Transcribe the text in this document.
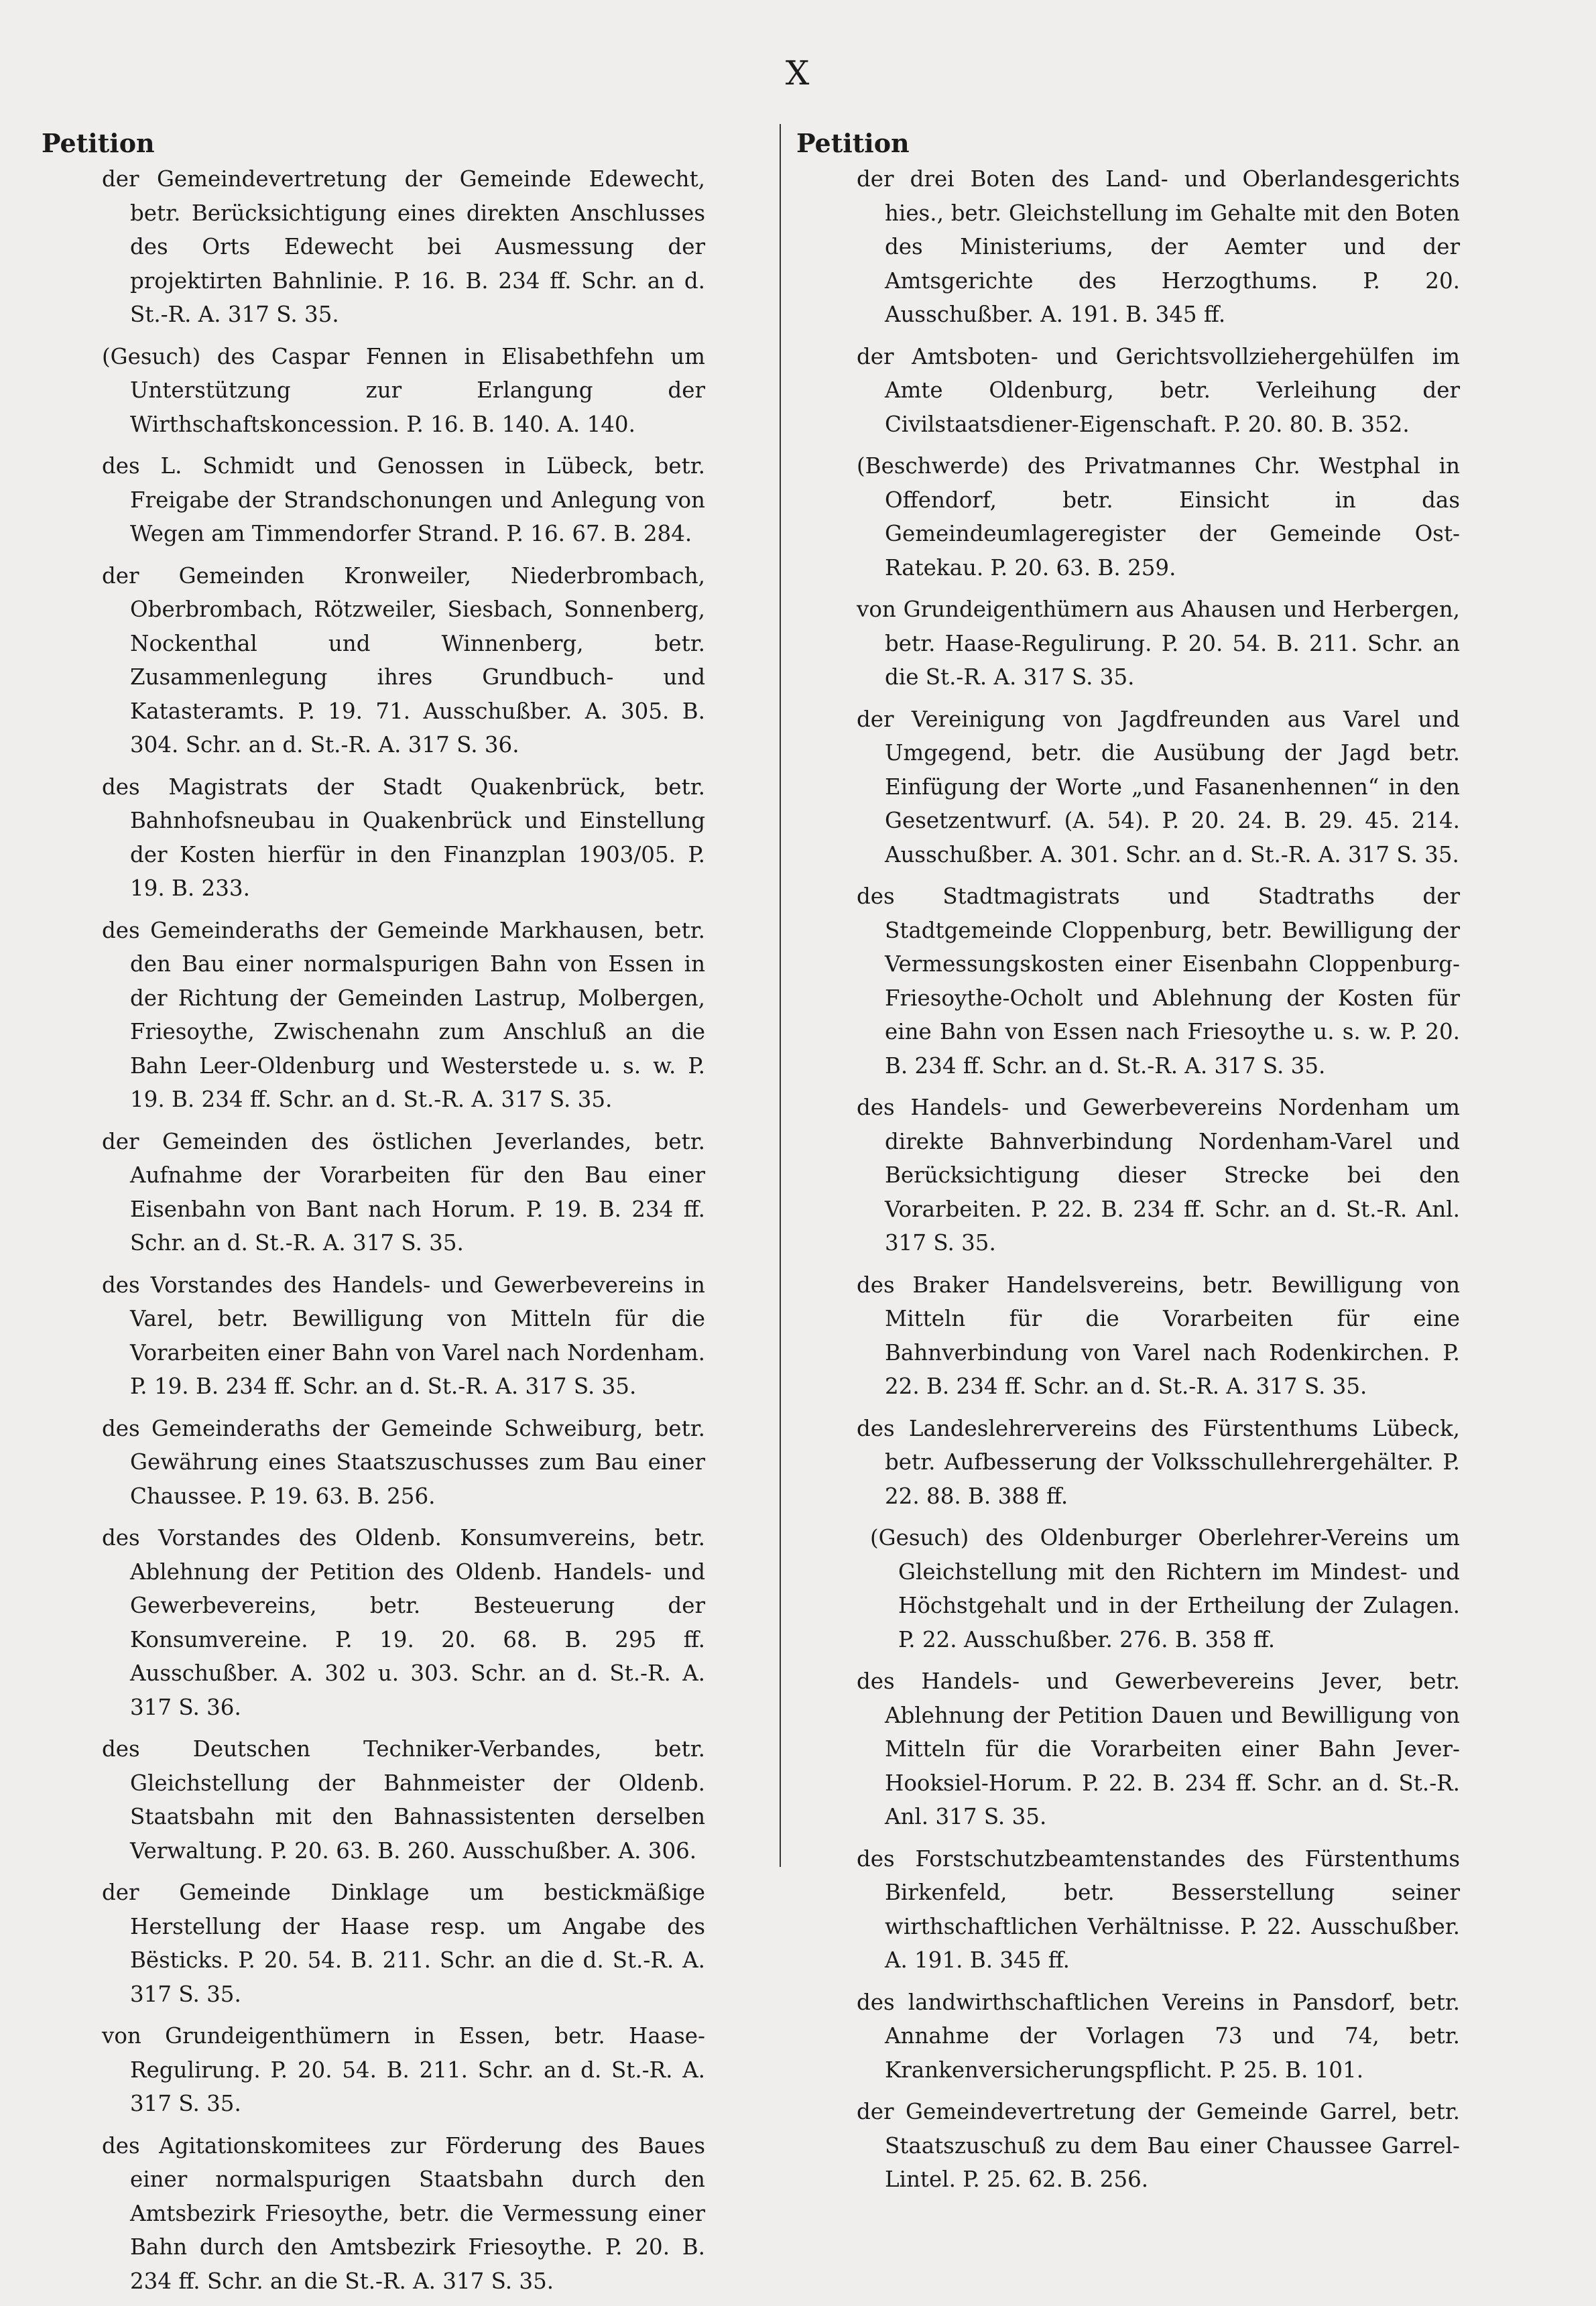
X
Petition

der Gemeindevertretung der Gemeinde Edewecht, betr. Berücksichtigung eines direkten Anschlusses des Orts Edewecht bei Ausmessung der projektirten Bahnlinie. P. 16. B. 234 ff. Schr. an d. St.-R. A. 317 S. 35.

(Gesuch) des Caspar Fennen in Elisabethfehn um Unterstützung zur Erlangung der Wirthschaftskoncession. P. 16. B. 140. A. 140.

des L. Schmidt und Genossen in Lübeck, betr. Freigabe der Strandschonungen und Anlegung von Wegen am Timmendorfer Strand. P. 16. 67. B. 284.

der Gemeinden Kronweiler, Niederbrombach, Oberbrombach, Rötzweiler, Siesbach, Sonnenberg, Nockenthal und Winnenberg, betr. Zusammenlegung ihres Grundbuch- und Katasteramts. P. 19. 71. Ausschußber. A. 305. B. 304. Schr. an d. St.-R. A. 317 S. 36.

des Magistrats der Stadt Quakenbrück, betr. Bahnhofsneubau in Quakenbrück und Einstellung der Kosten hierfür in den Finanzplan 1903/05. P. 19. B. 233.

des Gemeinderaths der Gemeinde Markhausen, betr. den Bau einer normalspurigen Bahn von Essen in der Richtung der Gemeinden Lastrup, Molbergen, Friesoythe, Zwischenahn zum Anschluß an die Bahn Leer-Oldenburg und Westerstede u. s. w. P. 19. B. 234 ff. Schr. an d. St.-R. A. 317 S. 35.

der Gemeinden des östlichen Jeverlandes, betr. Aufnahme der Vorarbeiten für den Bau einer Eisenbahn von Bant nach Horum. P. 19. B. 234 ff. Schr. an d. St.-R. A. 317 S. 35.

des Vorstandes des Handels- und Gewerbevereins in Varel, betr. Bewilligung von Mitteln für die Vorarbeiten einer Bahn von Varel nach Nordenham. P. 19. B. 234 ff. Schr. an d. St.-R. A. 317 S. 35.

des Gemeinderaths der Gemeinde Schweiburg, betr. Gewährung eines Staatszuschusses zum Bau einer Chaussee. P. 19. 63. B. 256.

des Vorstandes des Oldenb. Konsumvereins, betr. Ablehnung der Petition des Oldenb. Handels- und Gewerbevereins, betr. Besteuerung der Konsumvereine. P. 19. 20. 68. B. 295 ff. Ausschußber. A. 302 u. 303. Schr. an d. St.-R. A. 317 S. 36.

des Deutschen Techniker-Verbandes, betr. Gleichstellung der Bahnmeister der Oldenb. Staatsbahn mit den Bahnassistenten derselben Verwaltung. P. 20. 63. B. 260. Ausschußber. A. 306.

der Gemeinde Dinklage um bestickmäßige Herstellung der Haase resp. um Angabe des Bësticks. P. 20. 54. B. 211. Schr. an die d. St.-R. A. 317 S. 35.

von Grundeigenthümern in Essen, betr. Haase-Regulirung. P. 20. 54. B. 211. Schr. an d. St.-R. A. 317 S. 35.

des Agitationskomitees zur Förderung des Baues einer normalspurigen Staatsbahn durch den Amtsbezirk Friesoythe, betr. die Vermessung einer Bahn durch den Amtsbezirk Friesoythe. P. 20. B. 234 ff. Schr. an die St.-R. A. 317 S. 35.

Petition

der drei Boten des Land- und Oberlandesgerichts hies., betr. Gleichstellung im Gehalte mit den Boten des Ministeriums, der Aemter und der Amtsgerichte des Herzogthums. P. 20. Ausschußber. A. 191. B. 345 ff.

der Amtsboten- und Gerichtsvollziehergehülfen im Amte Oldenburg, betr. Verleihung der Civilstaatsdiener-Eigenschaft. P. 20. 80. B. 352.

(Beschwerde) des Privatmannes Chr. Westphal in Offendorf, betr. Einsicht in das Gemeindeumlageregister der Gemeinde Ost-Ratekau. P. 20. 63. B. 259.

von Grundeigenthümern aus Ahausen und Herbergen, betr. Haase-Regulirung. P. 20. 54. B. 211. Schr. an die St.-R. A. 317 S. 35.

der Vereinigung von Jagdfreunden aus Varel und Umgegend, betr. die Ausübung der Jagd betr. Einfügung der Worte „und Fasanenhennen“ in den Gesetzentwurf. (A. 54). P. 20. 24. B. 29. 45. 214. Ausschußber. A. 301. Schr. an d. St.-R. A. 317 S. 35.

des Stadtmagistrats und Stadtraths der Stadtgemeinde Cloppenburg, betr. Bewilligung der Vermessungskosten einer Eisenbahn Cloppenburg-Friesoythe-Ocholt und Ablehnung der Kosten für eine Bahn von Essen nach Friesoythe u. s. w. P. 20. B. 234 ff. Schr. an d. St.-R. A. 317 S. 35.

des Handels- und Gewerbevereins Nordenham um direkte Bahnverbindung Nordenham-Varel und Berücksichtigung dieser Strecke bei den Vorarbeiten. P. 22. B. 234 ff. Schr. an d. St.-R. Anl. 317 S. 35.

des Braker Handelsvereins, betr. Bewilligung von Mitteln für die Vorarbeiten für eine Bahnverbindung von Varel nach Rodenkirchen. P. 22. B. 234 ff. Schr. an d. St.-R. A. 317 S. 35.

des Landeslehrervereins des Fürstenthums Lübeck, betr. Aufbesserung der Volksschullehrergehälter. P. 22. 88. B. 388 ff.

(Gesuch) des Oldenburger Oberlehrer-Vereins um Gleichstellung mit den Richtern im Mindest- und Höchstgehalt und in der Ertheilung der Zulagen. P. 22. Ausschußber. 276. B. 358 ff.

des Handels- und Gewerbevereins Jever, betr. Ablehnung der Petition Dauen und Bewilligung von Mitteln für die Vorarbeiten einer Bahn Jever-Hooksiel-Horum. P. 22. B. 234 ff. Schr. an d. St.-R. Anl. 317 S. 35.

des Forstschutzbeamtenstandes des Fürstenthums Birkenfeld, betr. Besserstellung seiner wirthschaftlichen Verhältnisse. P. 22. Ausschußber. A. 191. B. 345 ff.

des landwirthschaftlichen Vereins in Pansdorf, betr. Annahme der Vorlagen 73 und 74, betr. Krankenversicherungspflicht. P. 25. B. 101.

der Gemeindevertretung der Gemeinde Garrel, betr. Staatszuschuß zu dem Bau einer Chaussee Garrel-Lintel. P. 25. 62. B. 256.
